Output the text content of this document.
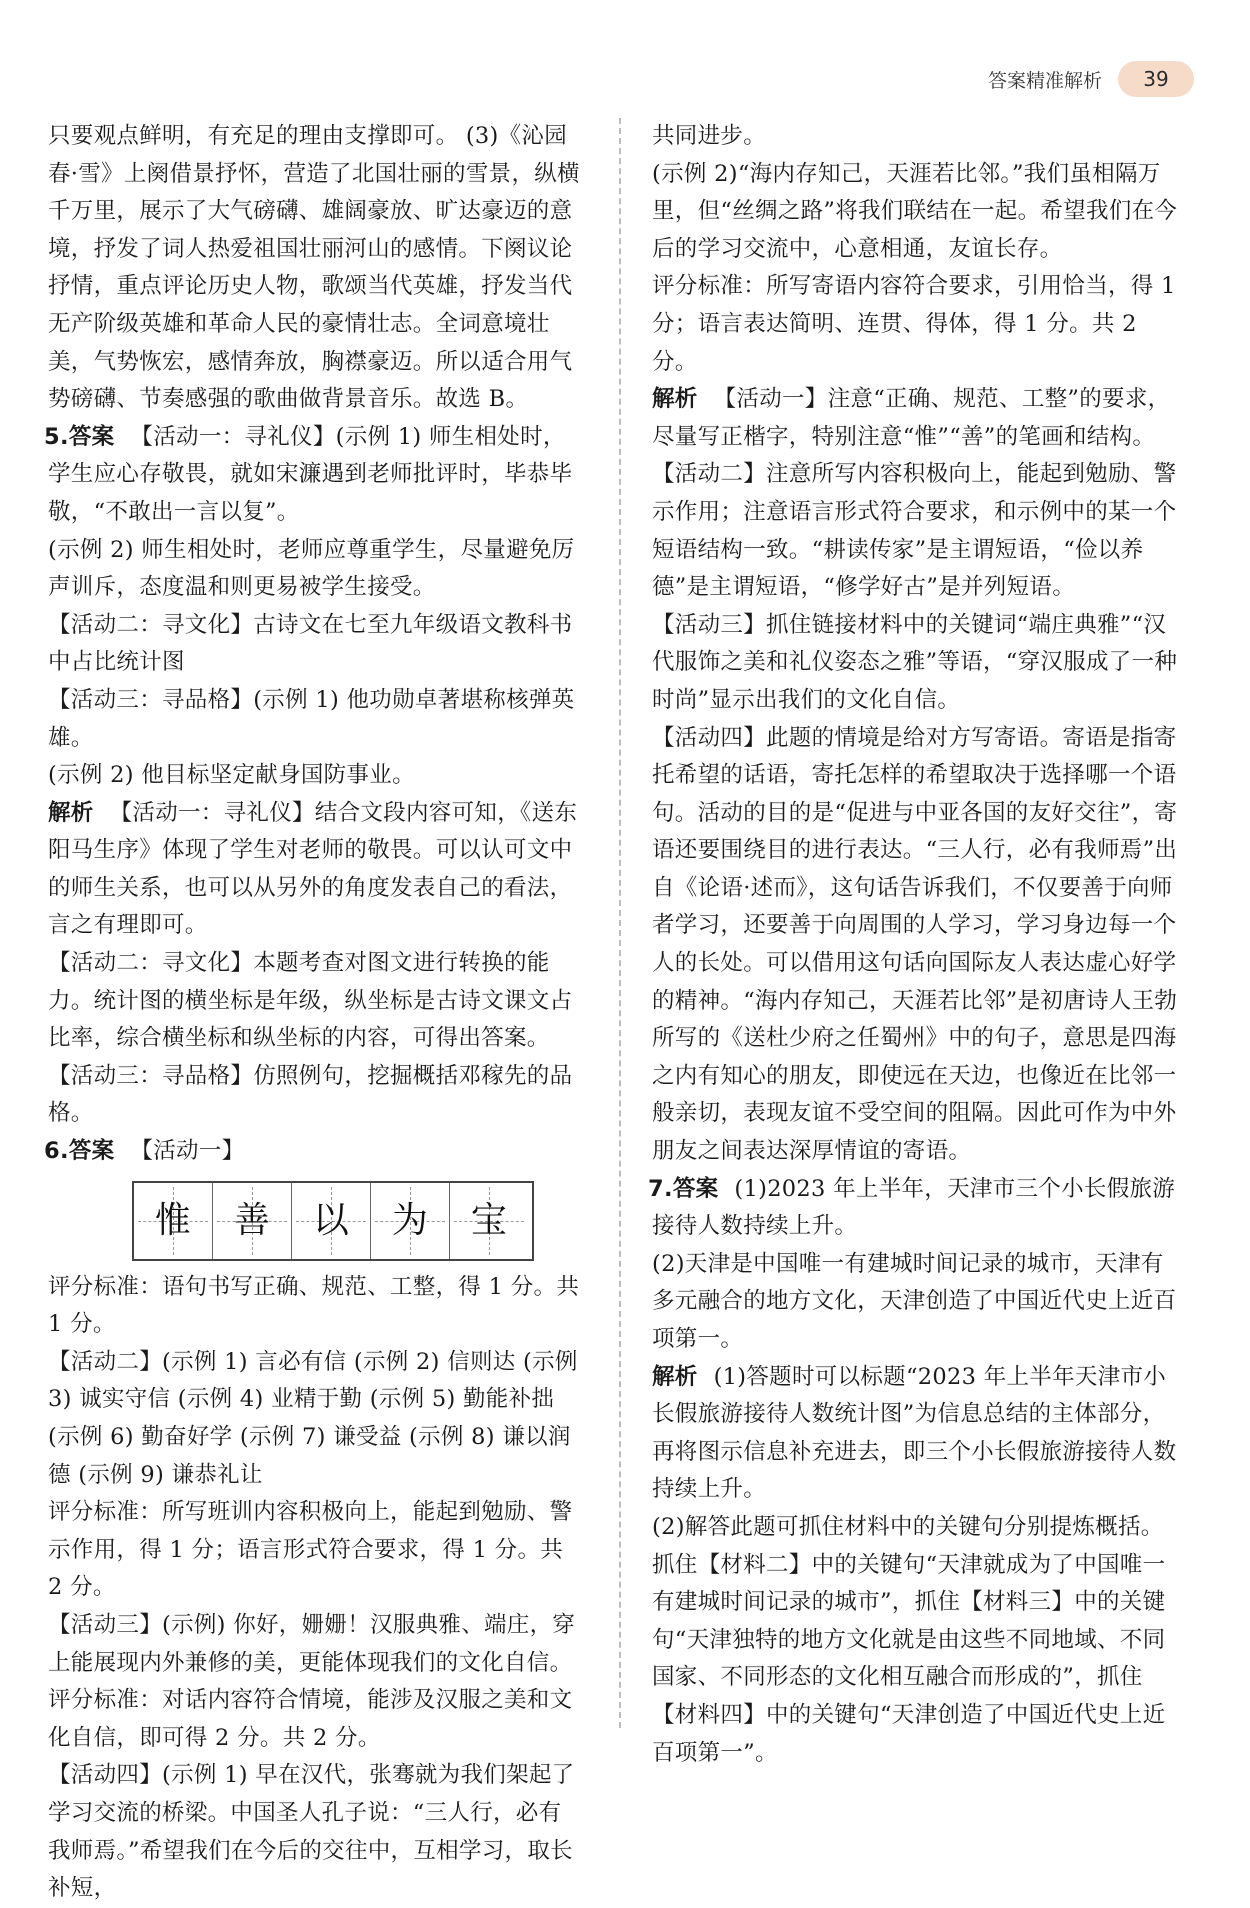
答案精准解析	39

只要观点鲜明，有充足的理由支撑即可。 (3)《沁园春·雪》上阕借景抒怀，营造了北国壮丽的雪景，纵横千万里，展示了大气磅礴、雄阔豪放、旷达豪迈的意境，抒发了词人热爱祖国壮丽河山的感情。下阕议论抒情，重点评论历史人物，歌颂当代英雄，抒发当代无产阶级英雄和革命人民的豪情壮志。全词意境壮美，气势恢宏，感情奔放，胸襟豪迈。所以适合用气势磅礴、节奏感强的歌曲做背景音乐。故选 B。

5.答案 【活动一：寻礼仪】(示例 1) 师生相处时，学生应心存敬畏，就如宋濂遇到老师批评时，毕恭毕敬，“不敢出一言以复”。

(示例 2) 师生相处时，老师应尊重学生，尽量避免厉声训斥，态度温和则更易被学生接受。

【活动二：寻文化】古诗文在七至九年级语文教科书中占比统计图

【活动三：寻品格】(示例 1) 他功勋卓著堪称核弹英雄。

(示例 2) 他目标坚定献身国防事业。

解析 【活动一：寻礼仪】结合文段内容可知，《送东阳马生序》体现了学生对老师的敬畏。可以认可文中的师生关系，也可以从另外的角度发表自己的看法，言之有理即可。

【活动二：寻文化】本题考查对图文进行转换的能力。统计图的横坐标是年级，纵坐标是古诗文课文占比率，综合横坐标和纵坐标的内容，可得出答案。

【活动三：寻品格】仿照例句，挖掘概括邓稼先的品格。

6.答案 【活动一】

惟 善 以 为 宝

评分标准：语句书写正确、规范、工整，得 1 分。共 1 分。

【活动二】(示例 1) 言必有信 (示例 2) 信则达 (示例 3) 诚实守信 (示例 4) 业精于勤 (示例 5) 勤能补拙 (示例 6) 勤奋好学 (示例 7) 谦受益 (示例 8) 谦以润德 (示例 9) 谦恭礼让

评分标准：所写班训内容积极向上，能起到勉励、警示作用，得 1 分；语言形式符合要求，得 1 分。共 2 分。

【活动三】(示例) 你好，姗姗！汉服典雅、端庄，穿上能展现内外兼修的美，更能体现我们的文化自信。

评分标准：对话内容符合情境，能涉及汉服之美和文化自信，即可得 2 分。共 2 分。

【活动四】(示例 1) 早在汉代，张骞就为我们架起了学习交流的桥梁。中国圣人孔子说：“三人行，必有我师焉。”希望我们在今后的交往中，互相学习，取长补短，

共同进步。

(示例 2)“海内存知己，天涯若比邻。”我们虽相隔万里，但“丝绸之路”将我们联结在一起。希望我们在今后的学习交流中，心意相通，友谊长存。

评分标准：所写寄语内容符合要求，引用恰当，得 1 分；语言表达简明、连贯、得体，得 1 分。共 2 分。

解析 【活动一】注意“正确、规范、工整”的要求，尽量写正楷字，特别注意“惟”“善”的笔画和结构。

【活动二】注意所写内容积极向上，能起到勉励、警示作用；注意语言形式符合要求，和示例中的某一个短语结构一致。“耕读传家”是主谓短语，“俭以养德”是主谓短语，“修学好古”是并列短语。

【活动三】抓住链接材料中的关键词“端庄典雅”“汉代服饰之美和礼仪姿态之雅”等语，“穿汉服成了一种时尚”显示出我们的文化自信。

【活动四】此题的情境是给对方写寄语。寄语是指寄托希望的话语，寄托怎样的希望取决于选择哪一个语句。活动的目的是“促进与中亚各国的友好交往”，寄语还要围绕目的进行表达。“三人行，必有我师焉”出自《论语·述而》，这句话告诉我们，不仅要善于向师者学习，还要善于向周围的人学习，学习身边每一个人的长处。可以借用这句话向国际友人表达虚心好学的精神。“海内存知己，天涯若比邻”是初唐诗人王勃所写的《送杜少府之任蜀州》中的句子，意思是四海之内有知心的朋友，即使远在天边，也像近在比邻一般亲切，表现友谊不受空间的阻隔。因此可作为中外朋友之间表达深厚情谊的寄语。

7.答案 (1)2023 年上半年，天津市三个小长假旅游接待人数持续上升。

(2)天津是中国唯一有建城时间记录的城市，天津有多元融合的地方文化，天津创造了中国近代史上近百项第一。

解析 (1)答题时可以标题“2023 年上半年天津市小长假旅游接待人数统计图”为信息总结的主体部分，再将图示信息补充进去，即三个小长假旅游接待人数持续上升。

(2)解答此题可抓住材料中的关键句分别提炼概括。抓住【材料二】中的关键句“天津就成为了中国唯一有建城时间记录的城市”，抓住【材料三】中的关键句“天津独特的地方文化就是由这些不同地域、不同国家、不同形态的文化相互融合而形成的”，抓住【材料四】中的关键句“天津创造了中国近代史上近百项第一”。
